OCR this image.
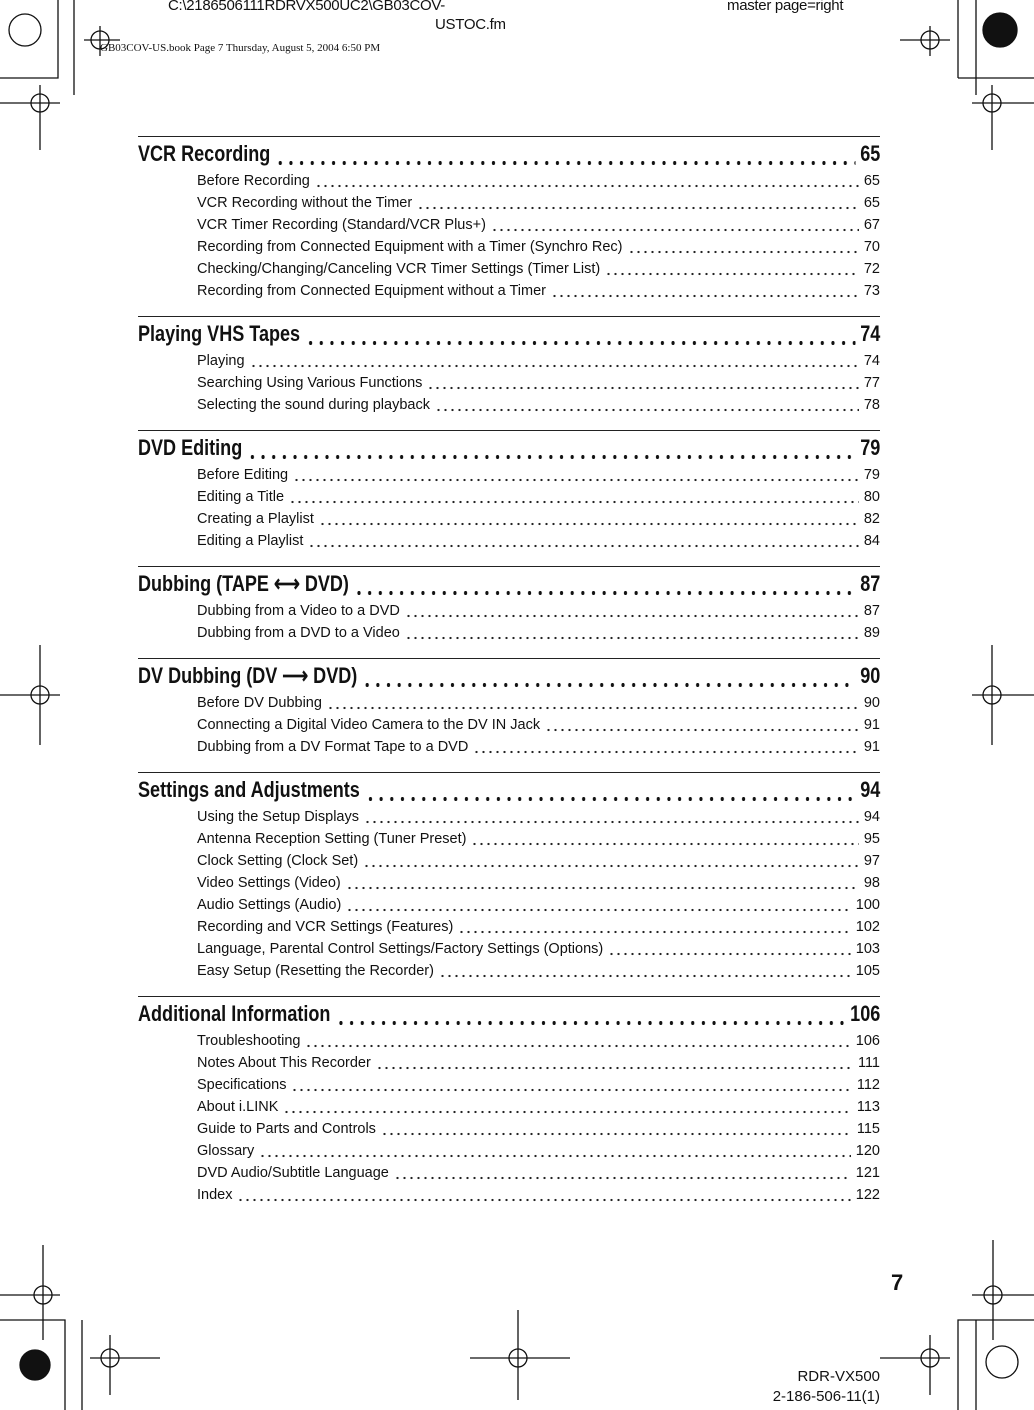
C:\2186506111RDRVX500UC2\GB03COV-
USTOC.fm
master page=right
GB03COV-US.book Page 7 Thursday, August 5, 2004 6:50 PM
VCR Recording	65
Before Recording	65
VCR Recording without the Timer	65
VCR Timer Recording (Standard/VCR Plus+)	67
Recording from Connected Equipment with a Timer (Synchro Rec)	70
Checking/Changing/Canceling VCR Timer Settings (Timer List)	72
Recording from Connected Equipment without a Timer	73
Playing VHS Tapes	74
Playing	74
Searching Using Various Functions	77
Selecting the sound during playback	78
DVD Editing	79
Before Editing	79
Editing a Title	80
Creating a Playlist	82
Editing a Playlist	84
Dubbing (TAPE ⟷ DVD)	87
Dubbing from a Video to a DVD	87
Dubbing from a DVD to a Video	89
DV Dubbing (DV ⟶ DVD)	90
Before DV Dubbing	90
Connecting a Digital Video Camera to the DV IN Jack	91
Dubbing from a DV Format Tape to a DVD	91
Settings and Adjustments	94
Using the Setup Displays	94
Antenna Reception Setting (Tuner Preset)	95
Clock Setting (Clock Set)	97
Video Settings (Video)	98
Audio Settings (Audio)	100
Recording and VCR Settings (Features)	102
Language, Parental Control Settings/Factory Settings (Options)	103
Easy Setup (Resetting the Recorder)	105
Additional Information	106
Troubleshooting	106
Notes About This Recorder	111
Specifications	112
About i.LINK	113
Guide to Parts and Controls	115
Glossary	120
DVD Audio/Subtitle Language	121
Index	122
7
RDR-VX500
2-186-506-11(1)
